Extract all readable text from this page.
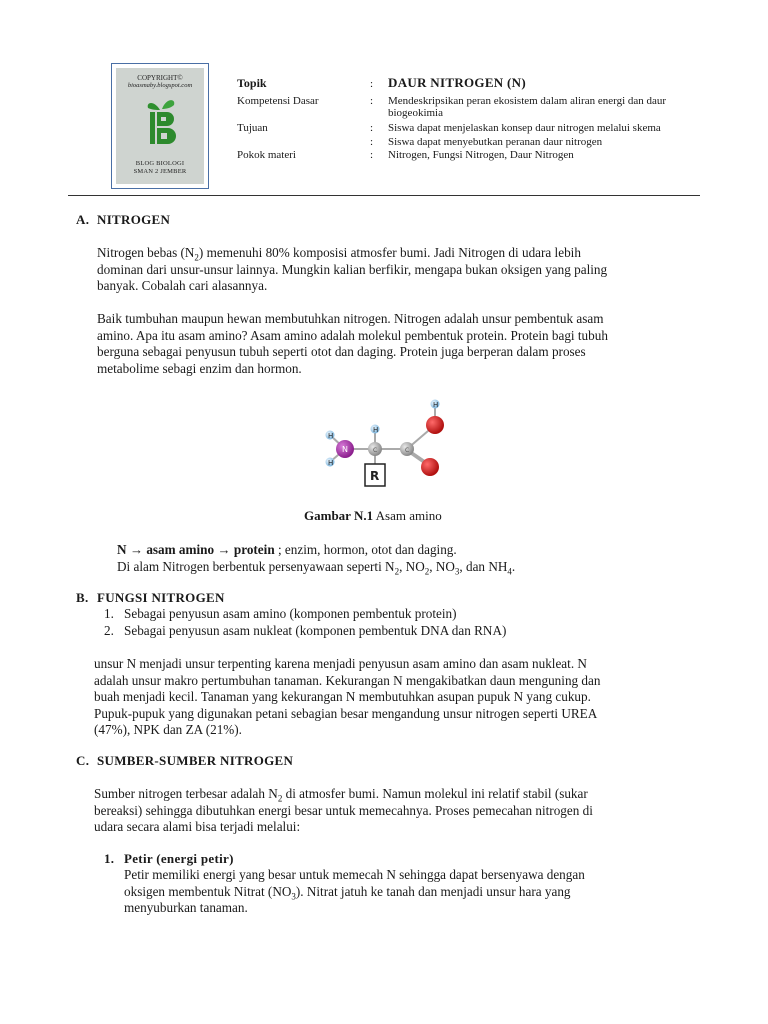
COPYRIGHT©
bioasmaby.blogspot.com
BLOG BIOLOGI
SMAN 2 JEMBER
Topik	: DAUR NITROGEN (N)
Kompetensi Dasar	: Mendeskripsikan peran ekosistem dalam aliran energi dan daur biogeokimia
Tujuan	: Siswa dapat menjelaskan konsep daur nitrogen melalui skema
: Siswa dapat menyebutkan peranan daur nitrogen
Pokok materi	: Nitrogen, Fungsi Nitrogen, Daur Nitrogen
A. NITROGEN
Nitrogen bebas $(N_2)$ memenuhi 80% komposisi atmosfer bumi. Jadi Nitrogen di udara lebih
dominan dari unsur-unsur lainnya. Mungkin kalian berfikir, mengapa bukan oksigen yang paling
banyak. Cobalah cari alasannya.
Baik tumbuhan maupun hewan membutuhkan nitrogen. Nitrogen adalah unsur pembentuk asam
amino. Apa itu asam amino? Asam amino adalah molekul pembentuk protein. Protein bagi tubuh
berguna sebagai penyusun tubuh seperti otot dan daging. Protein juga berperan dalam proses
metabolime sebagi enzim dan hormon.
H
H
N
H
C
R
C
H
Gambar N.1 Asam amino
N → asam amino → protein ; enzim, hormon, otot dan daging.
Di alam Nitrogen berbentuk persenyawaan seperti $N_2$, $NO_2$, $NO_3$, dan $NH_4$.
B. FUNGSI NITROGEN
1. Sebagai penyusun asam amino (komponen pembentuk protein)
2. Sebagai penyusun asam nukleat (komponen pembentuk DNA dan RNA)
unsur N menjadi unsur terpenting karena menjadi penyusun asam amino dan asam nukleat. N
adalah unsur makro pertumbuhan tanaman. Kekurangan N mengakibatkan daun menguning dan
buah menjadi kecil. Tanaman yang kekurangan N membutuhkan asupan pupuk N yang cukup.
Pupuk-pupuk yang digunakan petani sebagian besar mengandung unsur nitrogen seperti UREA
(47%), NPK dan ZA (21%).
C. SUMBER-SUMBER NITROGEN
Sumber nitrogen terbesar adalah $N_2$ di atmosfer bumi. Namun molekul ini relatif stabil (sukar
bereaksi) sehingga dibutuhkan energi besar untuk memecahnya. Proses pemecahan nitrogen di
udara secara alami bisa terjadi melalui:
1. Petir (energi petir)
Petir memiliki energi yang besar untuk memecah N sehingga dapat bersenyawa dengan
oksigen membentuk Nitrat $(NO_3)$. Nitrat jatuh ke tanah dan menjadi unsur hara yang
menyuburkan tanaman.
